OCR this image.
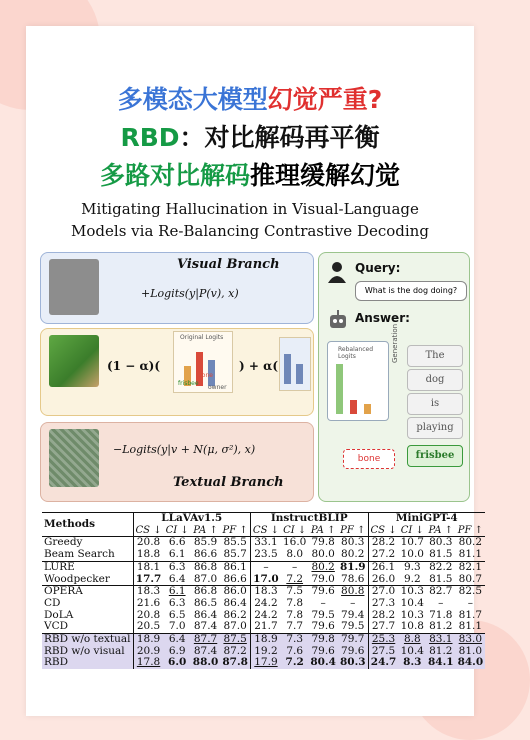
多模态大模型幻觉严重?
RBD：对比解码再平衡
多路对比解码推理缓解幻觉
Mitigating Hallucination in Visual-Language
Models via Re-Balancing Contrastive Decoding
Visual Branch
+Logits(y|P(v), x)
(1 − α)(
Original Logits
frisbee
bone
owner
) + α(
−Logits(y|v + N(μ, σ²), x)
Textual Branch
Query:
What is the dog doing?
Answer:
Rebalanced Logits	Generation
bone
The
dog
is
playing
frisbee
Methods	LLaVAv1.5				InstructBLIP				MiniGPT-4			
	CS ↓	CI ↓	PA ↑	PF ↑	CS ↓	CI ↓	PA ↑	PF ↑	CS ↓	CI ↓	PA ↑	PF ↑
Greedy	20.8	6.6	85.9	85.5	33.1	16.0	79.8	80.3	28.2	10.7	80.3	80.2
Beam Search	18.8	6.1	86.6	85.7	23.5	8.0	80.0	80.2	27.2	10.0	81.5	81.1
LURE	18.1	6.3	86.8	86.1	–	–	80.2	81.9	26.1	9.3	82.2	82.1
Woodpecker	17.7	6.4	87.0	86.6	17.0	7.2	79.0	78.6	26.0	9.2	81.5	80.7
OPERA	18.3	6.1	86.8	86.0	18.3	7.5	79.6	80.8	27.0	10.3	82.7	82.5
CD	21.6	6.3	86.5	86.4	24.2	7.8	–	–	27.3	10.4	–	–
DoLA	20.8	6.5	86.4	86.2	24.2	7.8	79.5	79.4	28.2	10.3	71.8	81.7
VCD	20.5	7.0	87.4	87.0	21.7	7.7	79.6	79.5	27.7	10.8	81.2	81.1
RBD w/o textual	18.9	6.4	87.7	87.5	18.9	7.3	79.8	79.7	25.3	8.8	83.1	83.0
RBD w/o visual	20.9	6.9	87.4	87.2	19.2	7.6	79.6	79.6	27.5	10.4	81.2	81.0
RBD	17.8	6.0	88.0	87.8	17.9	7.2	80.4	80.3	24.7	8.3	84.1	84.0
